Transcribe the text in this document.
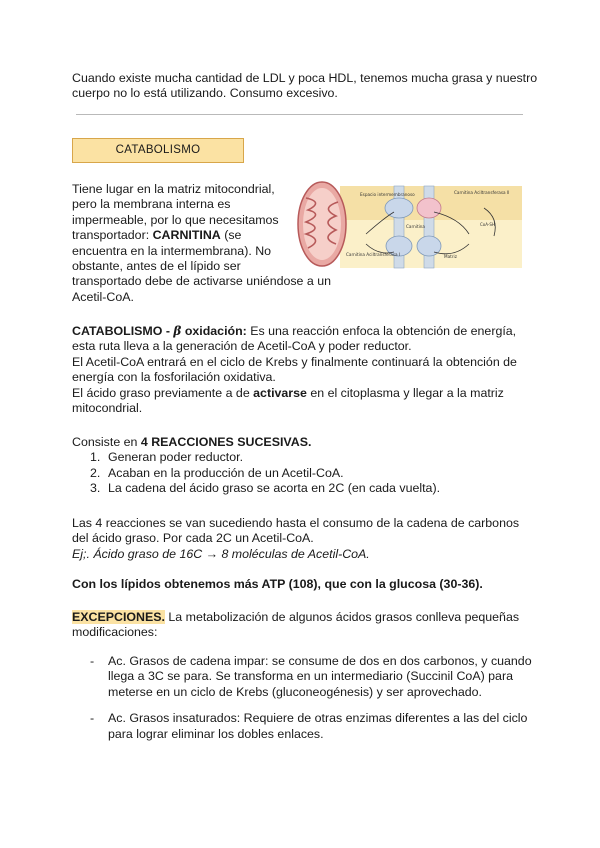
Cuando existe mucha cantidad de LDL y poca HDL, tenemos mucha grasa y nuestro

cuerpo no lo está utilizando. Consumo excesivo.

CATABOLISMO

Tiene lugar en la matriz mitocondrial,

pero la membrana interna es

impermeable, por lo que necesitamos

transportador: CARNITINA (se

encuentra en la intermembrana). No

obstante, antes de el lípido ser

transportado debe de activarse uniéndose a un

Acetil-CoA.

Espacio intermembranoso	Carnitina Aciltransferasa II
Carnitina Aciltransferasa I	Matriz
Carnitina	CoA-SH

CATABOLISMO - β oxidación: Es una reacción enfoca la obtención de energía,

esta ruta lleva a la generación de Acetil-CoA y poder reductor.

El Acetil-CoA entrará en el ciclo de Krebs y finalmente continuará la obtención de

energía con la fosforilación oxidativa.

El ácido graso previamente a de activarse en el citoplasma y llegar a la matriz

mitocondrial.

Consiste en 4 REACCIONES SUCESIVAS.

1. Generan poder reductor.
2. Acaban en la producción de un Acetil-CoA.
3. La cadena del ácido graso se acorta en 2C (en cada vuelta).

Las 4 reacciones se van sucediendo hasta el consumo de la cadena de carbonos

del ácido graso. Por cada 2C un Acetil-CoA.

Ej;. Ácido graso de 16C → 8 moléculas de Acetil-CoA.

Con los lípidos obtenemos más ATP (108), que con la glucosa (30-36).

EXCEPCIONES. La metabolización de algunos ácidos grasos conlleva pequeñas

modificaciones:

- Ac. Grasos de cadena impar: se consume de dos en dos carbonos, y cuando

llega a 3C se para. Se transforma en un intermediario (Succinil CoA) para

meterse en un ciclo de Krebs (gluconeogénesis) y ser aprovechado.

- Ac. Grasos insaturados: Requiere de otras enzimas diferentes a las del ciclo

para lograr eliminar los dobles enlaces.
